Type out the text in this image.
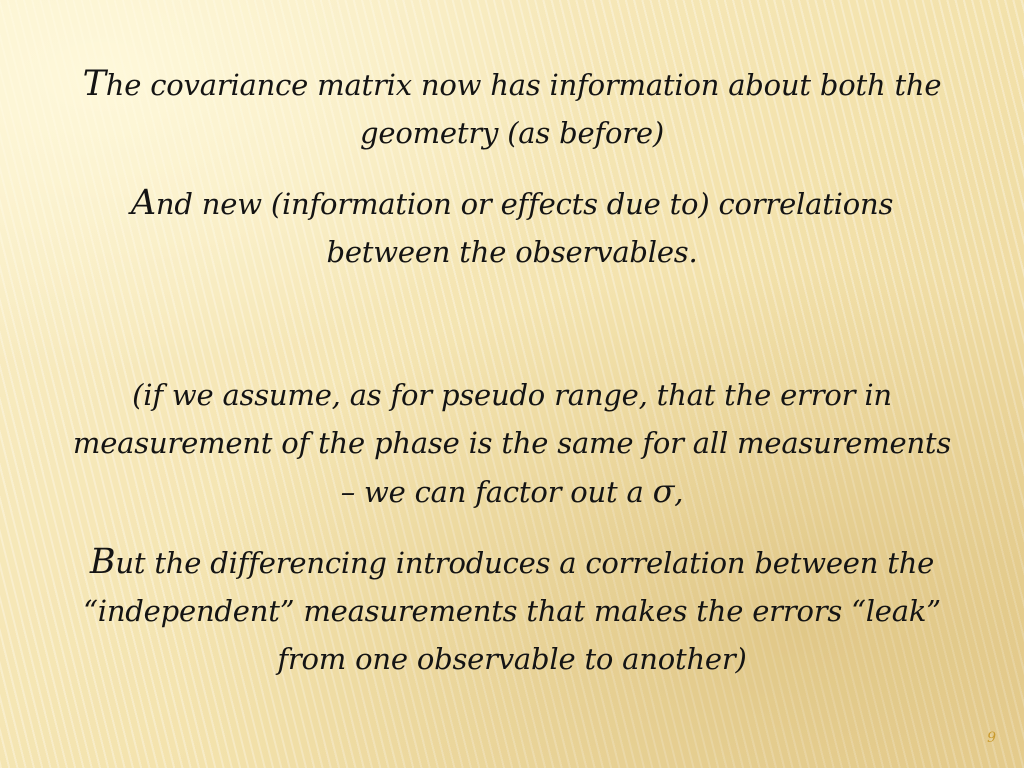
The covariance matrix now has information about both the
geometry (as before)
And new (information or effects due to) correlations
between the observables.
(if we assume, as for pseudo range, that the error in
measurement of the phase is the same for all measurements
– we can factor out a σ,
But the differencing introduces a correlation between the
“independent” measurements that makes the errors “leak”
from one observable to another)
9
